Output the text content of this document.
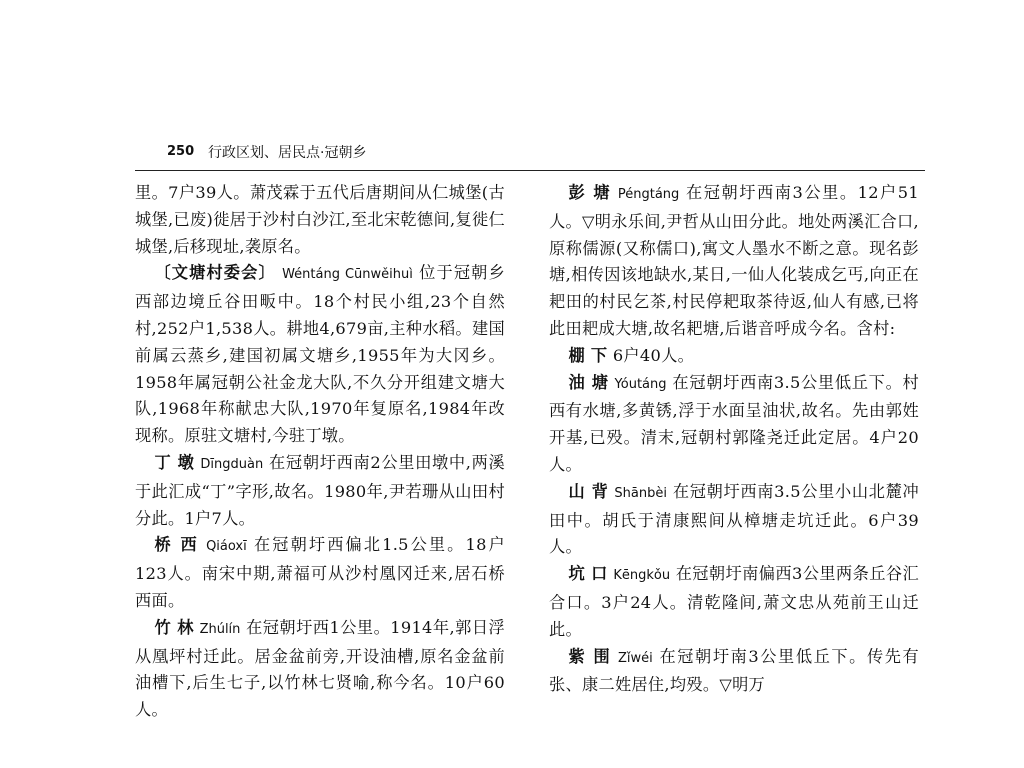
250 行政区划、居民点·冠朝乡

里。7户39人。萧茂霖于五代后唐期间从仁城堡(古城堡,已废)徙居于沙村白沙江,至北宋乾德间,复徙仁城堡,后移现址,袭原名。

〔文塘村委会〕 Wéntáng Cūnwěihuì 位于冠朝乡西部边境丘谷田畈中。18个村民小组,23个自然村,252户1,538人。耕地4,679亩,主种水稻。建国前属云蒸乡,建国初属文塘乡,1955年为大冈乡。1958年属冠朝公社金龙大队,不久分开组建文塘大队,1968年称献忠大队,1970年复原名,1984年改现称。原驻文塘村,今驻丁墩。

丁 墩 Dīngduàn 在冠朝圩西南2公里田墩中,两溪于此汇成“丁”字形,故名。1980年,尹若珊从山田村分此。1户7人。

桥 西 Qiáoxī 在冠朝圩西偏北1.5公里。18户123人。南宋中期,萧福可从沙村凰冈迁来,居石桥西面。

竹 林 Zhúlín 在冠朝圩西1公里。1914年,郭日浮从凰坪村迁此。居金盆前旁,开设油槽,原名金盆前油槽下,后生七子,以竹林七贤喻,称今名。10户60人。

彭 塘 Péngtáng 在冠朝圩西南3公里。12户51人。▽明永乐间,尹哲从山田分此。地处两溪汇合口,原称儒源(又称儒口),寓文人墨水不断之意。现名彭塘,相传因该地缺水,某日,一仙人化装成乞丐,向正在耙田的村民乞茶,村民停耙取茶待返,仙人有感,已将此田耙成大塘,故名耙塘,后谐音呼成今名。含村:

棚 下 6户40人。

油 塘 Yóutáng 在冠朝圩西南3.5公里低丘下。村西有水塘,多黄锈,浮于水面呈油状,故名。先由郭姓开基,已殁。清末,冠朝村郭隆尧迁此定居。4户20人。

山 背 Shānbèi 在冠朝圩西南3.5公里小山北麓冲田中。胡氏于清康熙间从樟塘走坑迁此。6户39人。

坑 口 Kēngkǒu 在冠朝圩南偏西3公里两条丘谷汇合口。3户24人。清乾隆间,萧文忠从苑前王山迁此。

紫 围 Zǐwéi 在冠朝圩南3公里低丘下。传先有张、康二姓居住,均殁。▽明万
